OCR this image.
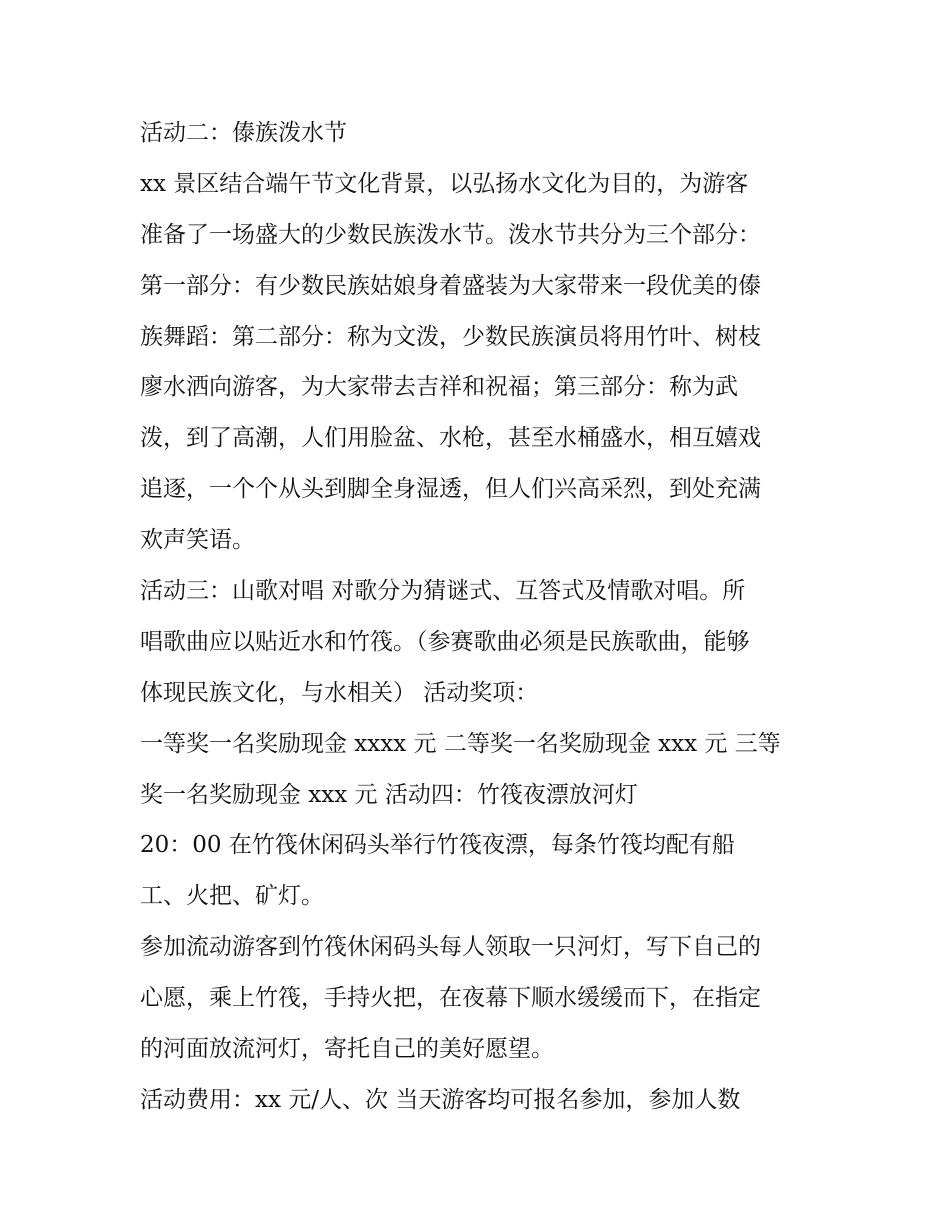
活动二：傣族泼水节
xx 景区结合端午节文化背景，以弘扬水文化为目的，为游客
准备了一场盛大的少数民族泼水节。泼水节共分为三个部分：
第一部分：有少数民族姑娘身着盛装为大家带来一段优美的傣
族舞蹈：第二部分：称为文泼，少数民族演员将用竹叶、树枝
廖水洒向游客，为大家带去吉祥和祝福；第三部分：称为武
泼，到了高潮，人们用脸盆、水枪，甚至水桶盛水，相互嬉戏
追逐，一个个从头到脚全身湿透，但人们兴高采烈，到处充满
欢声笑语。
活动三：山歌对唱 对歌分为猜谜式、互答式及情歌对唱。所
唱歌曲应以贴近水和竹筏。（参赛歌曲必须是民族歌曲，能够
体现民族文化，与水相关） 活动奖项：
一等奖一名奖励现金 xxxx 元 二等奖一名奖励现金 xxx 元 三等
奖一名奖励现金 xxx 元 活动四：竹筏夜漂放河灯
20：00 在竹筏休闲码头举行竹筏夜漂，每条竹筏均配有船
工、火把、矿灯。
参加流动游客到竹筏休闲码头每人领取一只河灯，写下自己的
心愿，乘上竹筏，手持火把，在夜幕下顺水缓缓而下，在指定
的河面放流河灯，寄托自己的美好愿望。
活动费用：xx 元/人、次 当天游客均可报名参加，参加人数
